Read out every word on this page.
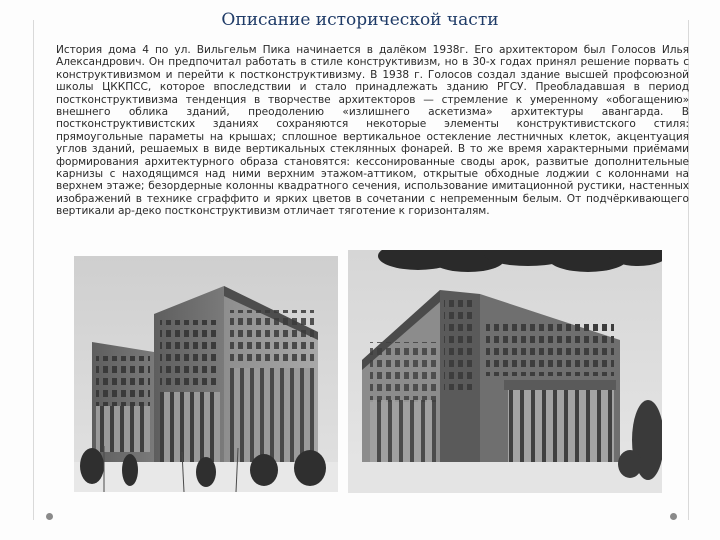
Описание исторической части
История дома 4 по ул. Вильгельм Пика начинается в далёком 1938г. Его архитектором был Голосов Илья Александрович. Он предпочитал работать в стиле конструктивизм, но в 30-х годах принял решение порвать с конструктивизмом и перейти к постконструктивизму. В 1938 г. Голосов создал здание высшей профсоюзной школы ЦККПСС, которое впоследствии и стало принадлежать зданию РГСУ. Преобладавшая в период постконструктивизма тенденция в творчестве архитекторов — стремление к умеренному «обогащению» внешнего облика зданий, преодолению «излишнего аскетизма» архитектуры авангарда. В постконструктивистских зданиях сохраняются некоторые элементы конструктивистского стиля: прямоугольные параметы на крышах; сплошное вертикальное остекление лестничных клеток, акцентуация углов зданий, решаемых в виде вертикальных стеклянных фонарей. В то же время характерными приёмами формирования архитектурного образа становятся: кессонированные своды арок, развитые дополнительные карнизы с находящимся над ними верхним этажом-аттиком, открытые обходные лоджии с колоннами на верхнем этаже; безордерные колонны квадратного сечения, использование имитационной рустики, настенных изображений в технике сграффито и ярких цветов в сочетании с непременным белым. От подчёркивающего вертикали ар-деко постконструктивизм отличает тяготение к горизонталям.
